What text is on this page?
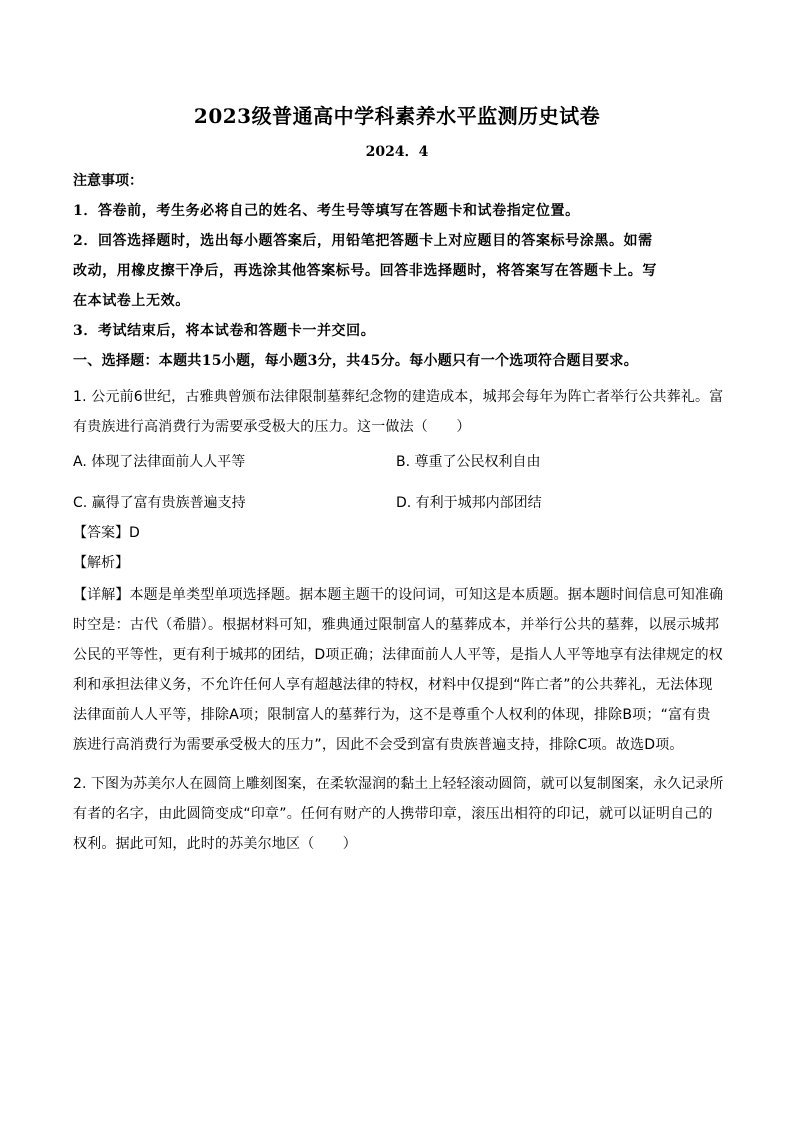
2023级普通高中学科素养水平监测历史试卷
2024．4
注意事项：
1．答卷前，考生务必将自己的姓名、考生号等填写在答题卡和试卷指定位置。
2．回答选择题时，选出每小题答案后，用铅笔把答题卡上对应题目的答案标号涂黑。如需
改动，用橡皮擦干净后，再选涂其他答案标号。回答非选择题时，将答案写在答题卡上。写
在本试卷上无效。
3．考试结束后，将本试卷和答题卡一并交回。
一、选择题：本题共15小题，每小题3分，共45分。每小题只有一个选项符合题目要求。
1. 公元前6世纪，古雅典曾颁布法律限制墓葬纪念物的建造成本，城邦会每年为阵亡者举行公共葬礼。富
有贵族进行高消费行为需要承受极大的压力。这一做法（　　）
A. 体现了法律面前人人平等	B. 尊重了公民权利自由
C. 赢得了富有贵族普遍支持	D. 有利于城邦内部团结
【答案】D
【解析】
【详解】本题是单类型单项选择题。据本题主题干的设问词，可知这是本质题。据本题时间信息可知准确
时空是：古代（希腊）。根据材料可知，雅典通过限制富人的墓葬成本，并举行公共的墓葬，以展示城邦
公民的平等性，更有利于城邦的团结，D项正确；法律面前人人平等，是指人人平等地享有法律规定的权
利和承担法律义务，不允许任何人享有超越法律的特权，材料中仅提到“阵亡者”的公共葬礼，无法体现
法律面前人人平等，排除A项；限制富人的墓葬行为，这不是尊重个人权利的体现，排除B项；“富有贵
族进行高消费行为需要承受极大的压力”，因此不会受到富有贵族普遍支持，排除C项。故选D项。
2. 下图为苏美尔人在圆筒上雕刻图案，在柔软湿润的黏土上轻轻滚动圆筒，就可以复制图案，永久记录所
有者的名字，由此圆筒变成“印章”。任何有财产的人携带印章，滚压出相符的印记，就可以证明自己的
权利。据此可知，此时的苏美尔地区（　　）
